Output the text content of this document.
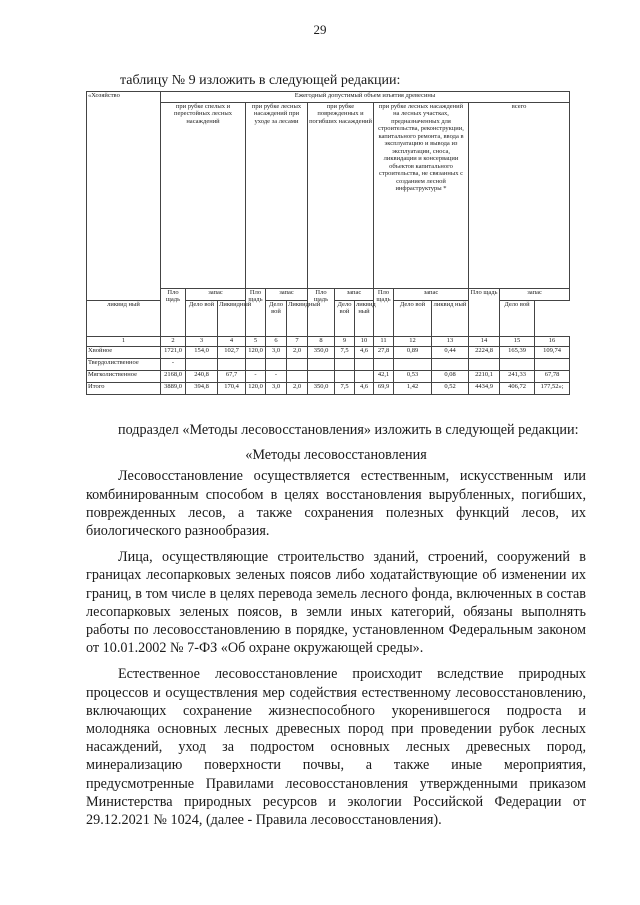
29
таблицу № 9 изложить в следующей редакции:
«Хозяйство	Ежегодный допустимый объем изъятия древесины														
	при рубке спелых и перестойных лесных насаждений			при рубке лесных насаждений при уходе за лесами			при рубке поврежденных и погибших насаждений			при рубке лесных насаждений на лесных участках, предназначенных для строительства, реконструкции, капитального ремонта, ввода в эксплуатацию и вывода из эксплуатации, сноса, ликвидации и консервации объектов капитального строительства, не связанных с созданием лесной инфраструктуры *			всего		
	Пло щадь	запас		Пло щадь	запас		Пло щадь	запас		Пло щадь	запас		Пло щадь	запас	
ликвид ный		Дело вой	Ликвидный		Дело вой	Ликвидный		Дело вой	ликвид ный		Дело вой	ликвид ный		Дело вой	
1	2	3	4	5	6	7	8	9	10	11	12	13	14	15	16
Хвойное	1721,0	154,0	102,7	120,0	3,0	2,0	350,0	7,5	4,6	27,8	0,89	0,44	2224,8	165,39	109,74
Твердолиственное	-														
Мягколиственное	2168,0	240,8	67,7	-	-					42,1	0,53	0,08	2210,1	241,33	67,78
Итого	3889,0	394,8	170,4	120,0	3,0	2,0	350,0	7,5	4,6	69,9	1,42	0,52	4434,9	406,72	177,52»;

подраздел «Методы лесовосстановления» изложить в следующей редакции:

«Методы лесовосстановления

Лесовосстановление осуществляется естественным, искусственным или комбинированным способом в целях восстановления вырубленных, погибших, поврежденных лесов, а также сохранения полезных функций лесов, их биологического разнообразия.

Лица, осуществляющие строительство зданий, строений, сооружений в границах лесопарковых зеленых поясов либо ходатайствующие об изменении их границ, в том числе в целях перевода земель лесного фонда, включенных в состав лесопарковых зеленых поясов, в земли иных категорий, обязаны выполнять работы по лесовосстановлению в порядке, установленном Федеральным законом от 10.01.2002 № 7-ФЗ «Об охране окружающей среды».

Естественное лесовосстановление происходит вследствие природных процессов и осуществления мер содействия естественному лесовосстановлению, включающих сохранение жизнеспособного укоренившегося подроста и молодняка основных лесных древесных пород при проведении рубок лесных насаждений, уход за подростом основных лесных древесных пород, минерализацию поверхности почвы, а также иные мероприятия, предусмотренные Правилами лесовосстановления утвержденными приказом Министерства природных ресурсов и экологии Российской Федерации от 29.12.2021 № 1024, (далее - Правила лесовосстановления).
